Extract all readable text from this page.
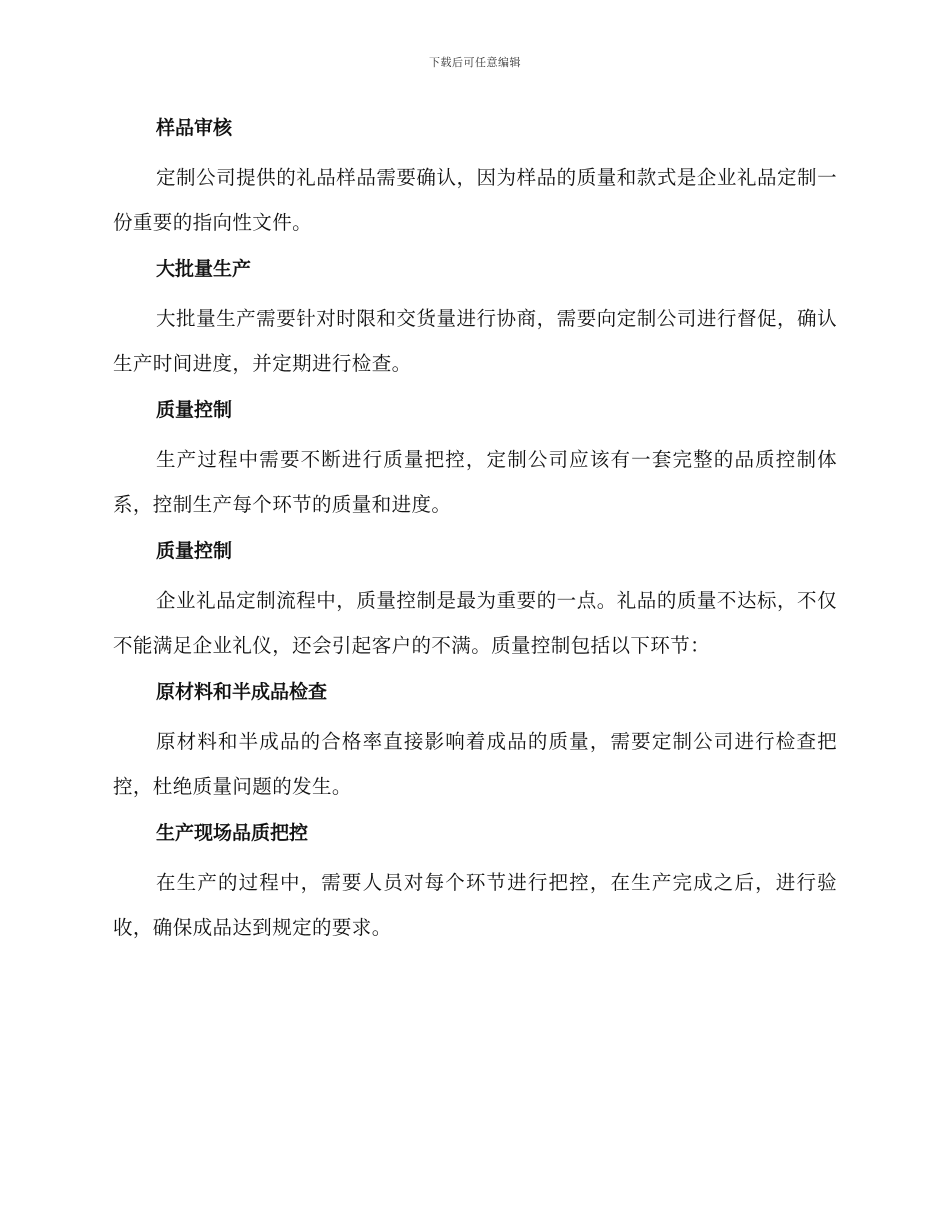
下载后可任意编辑
样品审核

定制公司提供的礼品样品需要确认，因为样品的质量和款式是企业礼品定制一份重要的指向性文件。

大批量生产

大批量生产需要针对时限和交货量进行协商，需要向定制公司进行督促，确认生产时间进度，并定期进行检查。

质量控制

生产过程中需要不断进行质量把控，定制公司应该有一套完整的品质控制体系，控制生产每个环节的质量和进度。

质量控制

企业礼品定制流程中，质量控制是最为重要的一点。礼品的质量不达标，不仅不能满足企业礼仪，还会引起客户的不满。质量控制包括以下环节：

原材料和半成品检查

原材料和半成品的合格率直接影响着成品的质量，需要定制公司进行检查把控，杜绝质量问题的发生。

生产现场品质把控

在生产的过程中，需要人员对每个环节进行把控，在生产完成之后，进行验收，确保成品达到规定的要求。
